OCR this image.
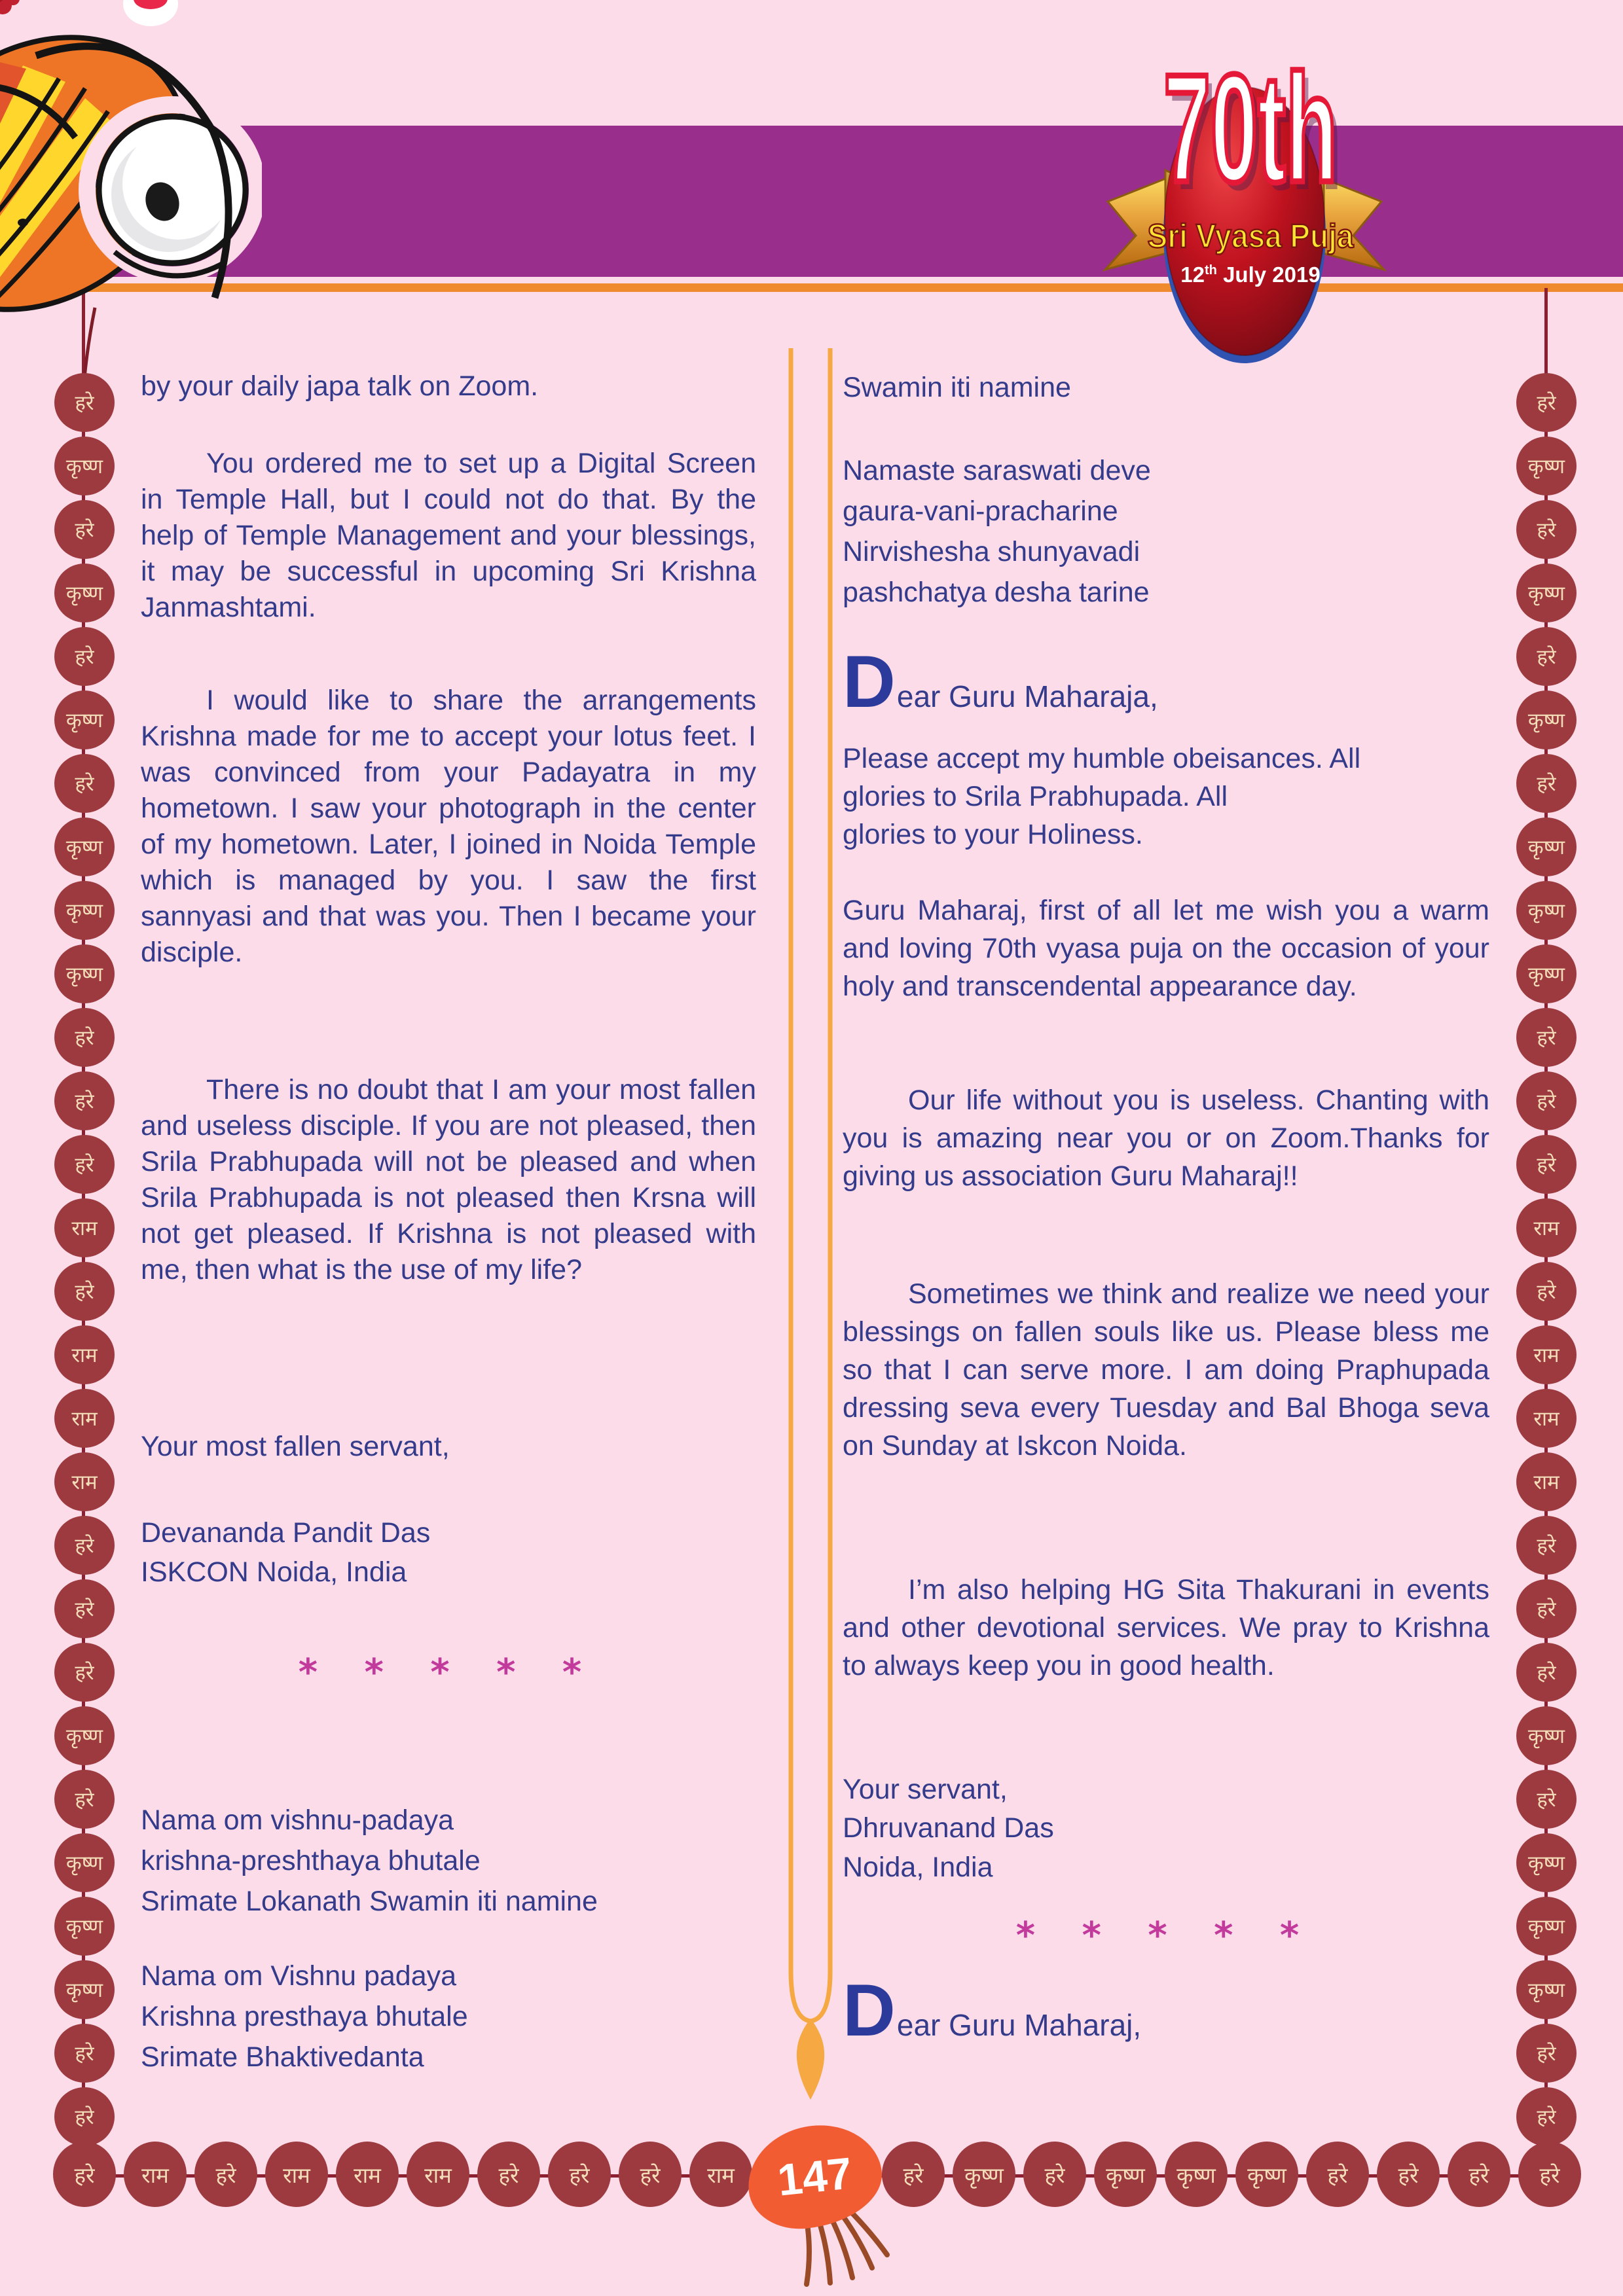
70th
Sri Vyasa Puja
12th July 2019
हरे
कृष्ण
हरे
कृष्ण
हरे
कृष्ण
हरे
कृष्ण
कृष्ण
कृष्ण
हरे
हरे
हरे
राम
हरे
राम
राम
राम
हरे
हरे
हरे
कृष्ण
हरे
कृष्ण
कृष्ण
कृष्ण
हरे
हरे
हरे
कृष्ण
हरे
कृष्ण
हरे
कृष्ण
हरे
कृष्ण
कृष्ण
कृष्ण
हरे
हरे
हरे
राम
हरे
राम
राम
राम
हरे
हरे
हरे
कृष्ण
हरे
कृष्ण
कृष्ण
कृष्ण
हरे
हरे
हरे	राम	हरे	राम	राम	राम	हरे	हरे	हरे	राम	हरे	कृष्ण	हरे	कृष्ण	कृष्ण	कृष्ण	हरे	हरे	हरे	हरे
147
by your daily japa talk on Zoom.
You ordered me to set up a Digital Screen in Temple Hall, but I could not do that. By the help of Temple Management and your blessings, it may be successful in upcoming Sri Krishna Janmashtami.
I would like to share the arrangements Krishna made for me to accept your lotus feet. I was convinced from your Padayatra in my hometown. I saw your photograph in the center of my hometown. Later, I joined in Noida Temple which is managed by you. I saw the first sannyasi and that was you. Then I became your disciple.
There is no doubt that I am your most fallen and useless disciple. If you are not pleased, then Srila Prabhupada will not be pleased and when Srila Prabhupada is not pleased then Krsna will not get pleased. If Krishna is not pleased with me, then what is the use of my life?
Your most fallen servant,
Devananda Pandit Das
ISKCON Noida, India
* * * * *
Nama om vishnu-padaya
krishna-preshthaya bhutale
Srimate Lokanath Swamin iti namine
Nama om Vishnu padaya
Krishna presthaya bhutale
Srimate Bhaktivedanta
Swamin iti namine
Namaste saraswati deve
gaura-vani-pracharine
Nirvishesha shunyavadi
pashchatya desha tarine
D ear Guru Maharaja,
Please accept my humble obeisances. All
glories to Srila Prabhupada. All
glories to your Holiness.
Guru Maharaj, first of all let me wish you a warm and loving 70th vyasa puja on the occasion of your holy and transcendental appearance day.
Our life without you is useless. Chanting with you is amazing near you or on Zoom.Thanks for giving us association Guru Maharaj!!
Sometimes we think and realize we need your blessings on fallen souls like us. Please bless me so that I can serve more. I am doing Praphupada dressing seva every Tuesday and Bal Bhoga seva on Sunday at Iskcon Noida.
I’m also helping HG Sita Thakurani in events and other devotional services. We pray to Krishna to always keep you in good health.
Your servant,
Dhruvanand Das
Noida, India
* * * * *
D ear Guru Maharaj,
